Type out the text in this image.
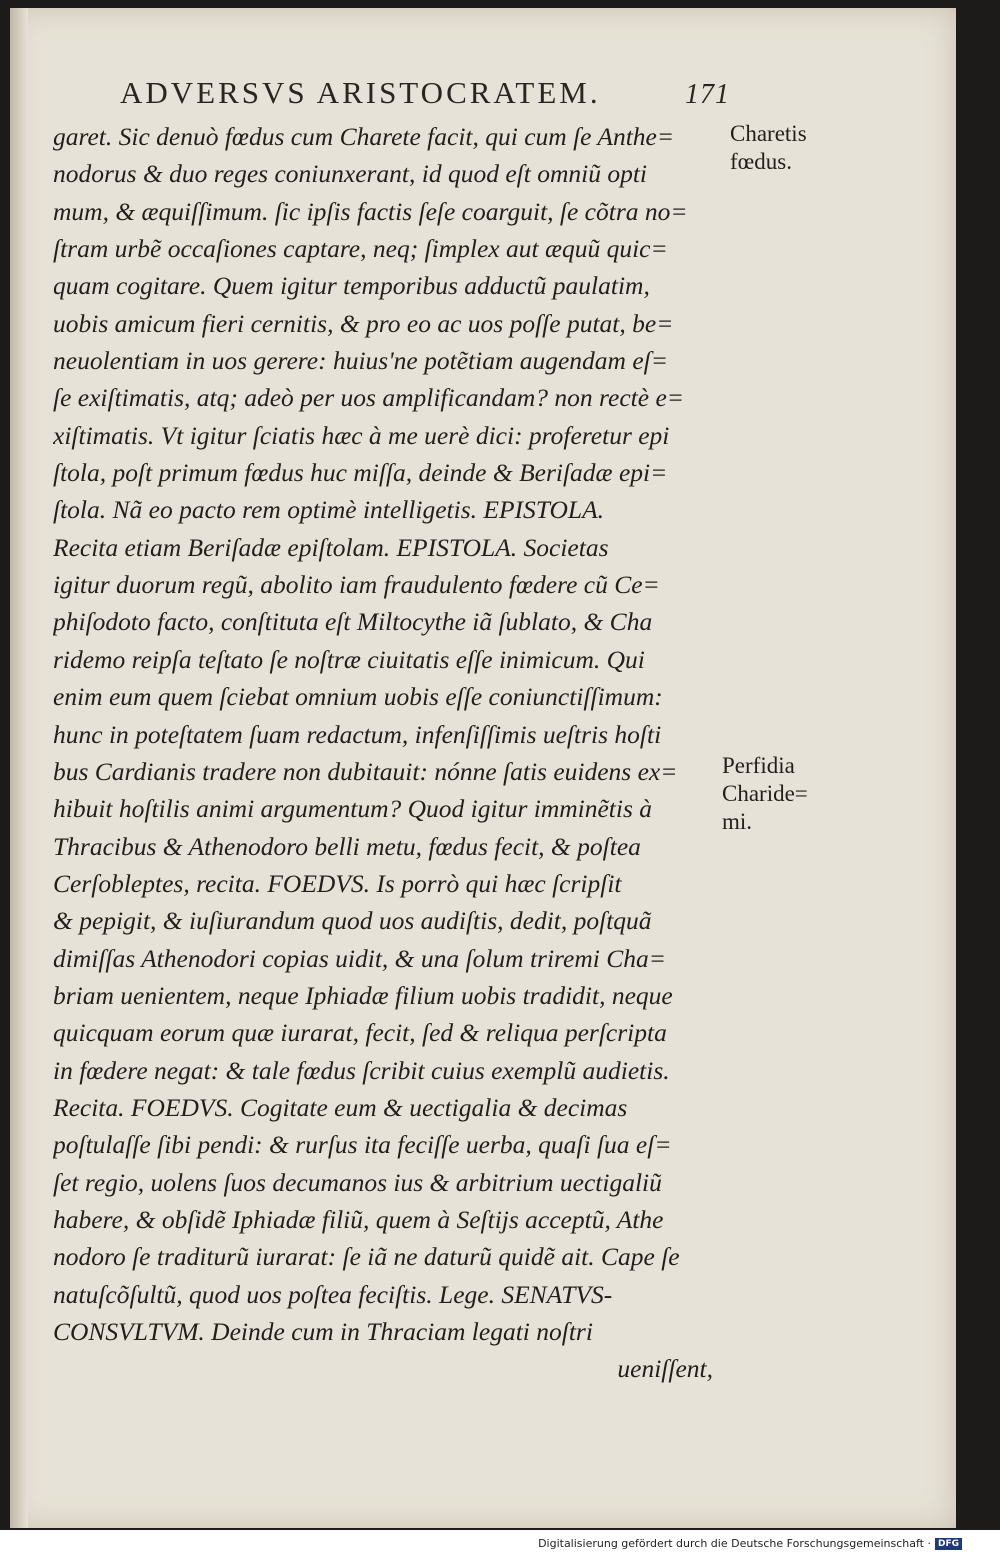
ADVERSVS ARISTOCRATEM.	171
garet. Sic denuò fœdus cum Charete facit, qui cum ſe Anthe=
nodorus & duo reges coniunxerant, id quod eſt omniũ opti
mum, & æquiſſimum. ſic ipſis factis ſeſe coarguit, ſe cõtra no=
ſtram urbẽ occaſiones captare, neq; ſimplex aut æquũ quic=
quam cogitare. Quem igitur temporibus adductũ paulatim,
uobis amicum fieri cernitis, & pro eo ac uos poſſe putat, be=
neuolentiam in uos gerere: huius'ne potẽtiam augendam eſ=
ſe exiſtimatis, atq; adeò per uos amplificandam? non rectè e=
xiſtimatis. Vt igitur ſciatis hæc à me uerè dici: proferetur epi
ſtola, poſt primum fœdus huc miſſa, deinde & Beriſadæ epi=
ſtola. Nã eo pacto rem optimè intelligetis. EPISTOLA.
Recita etiam Beriſadæ epiſtolam. EPISTOLA. Societas
igitur duorum regũ, abolito iam fraudulento fœdere cũ Ce=
phiſodoto facto, conſtituta eſt Miltocythe iã ſublato, & Cha
ridemo reipſa teſtato ſe noſtræ ciuitatis eſſe inimicum. Qui
enim eum quem ſciebat omnium uobis eſſe coniunctiſſimum:
hunc in poteſtatem ſuam redactum, infenſiſſimis ueſtris hoſti
bus Cardianis tradere non dubitauit: nónne ſatis euidens ex=
hibuit hoſtilis animi argumentum? Quod igitur imminẽtis à
Thracibus & Athenodoro belli metu, fœdus fecit, & poſtea
Cerſobleptes, recita. FOEDVS. Is porrò qui hæc ſcripſit
& pepigit, & iuſiurandum quod uos audiſtis, dedit, poſtquã
dimiſſas Athenodori copias uidit, & una ſolum triremi Cha=
briam uenientem, neque Iphiadæ filium uobis tradidit, neque
quicquam eorum quæ iurarat, fecit, ſed & reliqua perſcripta
in fœdere negat: & tale fœdus ſcribit cuius exemplũ audietis.
Recita. FOEDVS. Cogitate eum & uectigalia & decimas
poſtulaſſe ſibi pendi: & rurſus ita feciſſe uerba, quaſi ſua eſ=
ſet regio, uolens ſuos decumanos ius & arbitrium uectigaliũ
habere, & obſidẽ Iphiadæ filiũ, quem à Seſtijs acceptũ, Athe
nodoro ſe traditurũ iurarat: ſe iã ne daturũ quidẽ ait. Cape ſe
natuſcõſultũ, quod uos poſtea feciſtis. Lege. SENATVS-
CONSVLTVM. Deinde cum in Thraciam legati noſtri
ueniſſent,
Charetis
fœdus.
Perfidia
Charide=
mi.
Digitalisierung gefördert durch die Deutsche Forschungsgemeinschaft · DFG
